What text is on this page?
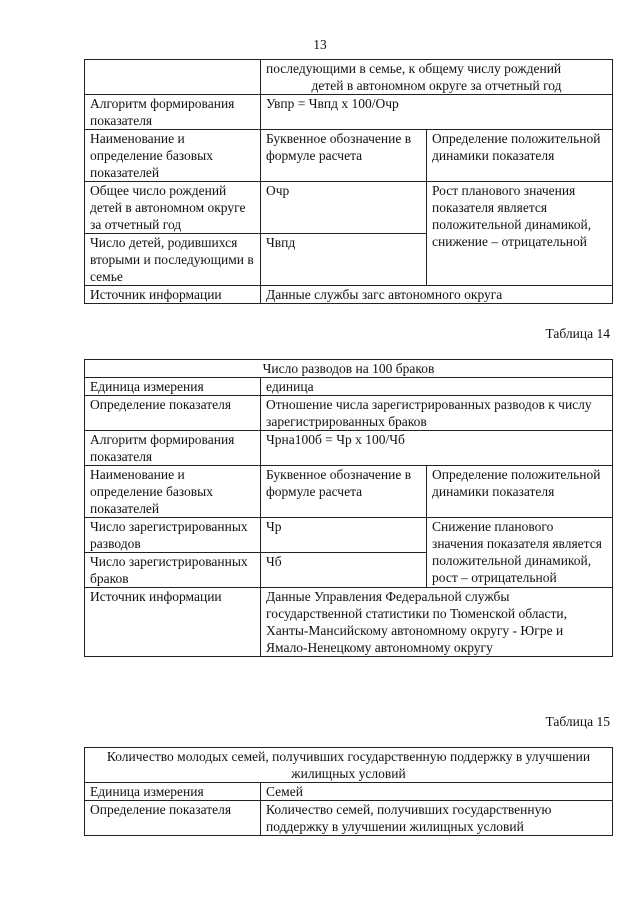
13

	последующими в семье, к общему числу рождений
детей в автономном округе за отчетный год	

Алгоритм формирования показателя	Увпр = Чвпд х 100/Очр	
Наименование и определение базовых показателей	Буквенное обозначение в формуле расчета	Определение положительной динамики показателя
Общее число рождений детей в автономном округе за отчетный год	Очр	Рост планового значения показателя является положительной динамикой, снижение – отрицательной
Число детей, родившихся вторыми и последующими в семье	Чвпд	
Источник информации	Данные службы загс автономного округа	
Таблица 14
Число разводов на 100 браков		
Единица измерения	единица	
Определение показателя	Отношение числа зарегистрированных разводов к числу зарегистрированных браков	
Алгоритм формирования показателя	Чрна100б = Чр х 100/Чб	
Наименование и определение базовых показателей	Буквенное обозначение в формуле расчета	Определение положительной динамики показателя
Число зарегистрированных разводов	Чр	Снижение планового значения показателя является положительной динамикой, рост – отрицательной
Число зарегистрированных браков	Чб	
Источник информации	Данные Управления Федеральной службы государственной статистики по Тюменской области, Ханты-Мансийскому автономному округу - Югре и Ямало-Ненецкому автономному округу	
Таблица 15
Количество молодых семей, получивших государственную поддержку в улучшении жилищных условий	
Единица измерения	Семей
Определение показателя	Количество семей, получивших государственную поддержку в улучшении жилищных условий
